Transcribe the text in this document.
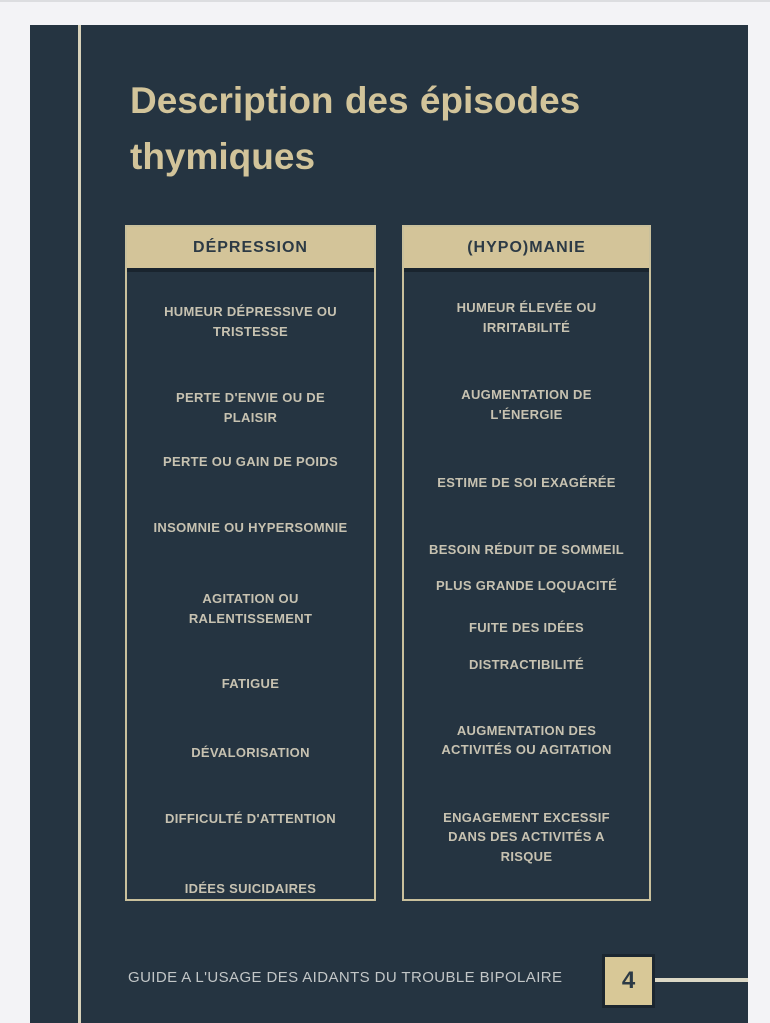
Description des épisodes thymiques
DÉPRESSION
HUMEUR DÉPRESSIVE OU TRISTESSE
PERTE D'ENVIE OU DE PLAISIR
PERTE OU GAIN DE POIDS
INSOMNIE OU HYPERSOMNIE
AGITATION OU RALENTISSEMENT
FATIGUE
DÉVALORISATION
DIFFICULTÉ D'ATTENTION
IDÉES SUICIDAIRES
(HYPO)MANIE
HUMEUR ÉLEVÉE OU IRRITABILITÉ
AUGMENTATION DE L'ÉNERGIE
ESTIME DE SOI EXAGÉRÉE
BESOIN RÉDUIT DE SOMMEIL
PLUS GRANDE LOQUACITÉ
FUITE DES IDÉES
DISTRACTIBILITÉ
AUGMENTATION DES ACTIVITÉS OU AGITATION
ENGAGEMENT EXCESSIF DANS DES ACTIVITÉS A RISQUE
GUIDE A L'USAGE DES AIDANTS DU TROUBLE BIPOLAIRE	4
